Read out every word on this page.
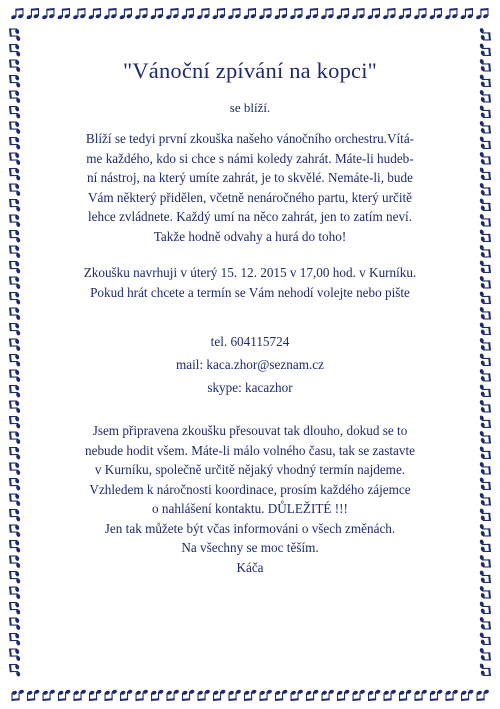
"Vánoční zpívání na kopci"

se blíží.

Blíží se tedyi první zkouška našeho vánočního orchestru.Vítá-
me každého, kdo si chce s námi koledy zahrát. Máte-li hudeb-
ní nástroj, na který umíte zahrát, je to skvělé. Nemáte-li, bude
Vám některý přidělen, včetně nenáročného partu, který určitě
lehce zvládnete. Každý umí na něco zahrát, jen to zatím neví.
Takže hodně odvahy a hurá do toho!

Zkoušku navrhuji v úterý 15. 12. 2015 v 17,00 hod. v Kurníku.
Pokud hrát chcete a termín se Vám nehodí volejte nebo pište

tel. 604115724
mail: kaca.zhor@seznam.cz
skype: kacazhor

Jsem připravena zkoušku přesouvat tak dlouho, dokud se to
nebude hodit všem. Máte-li málo volného času, tak se zastavte
v Kurníku, společně určitě nějaký vhodný termín najdeme.
Vzhledem k náročnosti koordinace, prosím každého zájemce
o nahlášení kontaktu. DŮLEŽITÉ !!!
Jen tak můžete být včas informováni o všech změnách.
Na všechny se moc těším.
Káča
